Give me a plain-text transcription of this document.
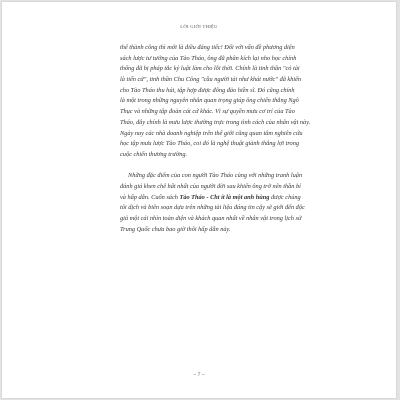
LỜI GIỚI THIỆU
thể thành công thì mới là điều đáng tiếc! Đối với vấn đề phương diện
sách lược tư tưởng của Tào Tháo, ông đã phân kích lại nho học chính
thống đã bị pháp tắc kỷ luật làm cho lỗi thời. Chính là tinh thần "có tài
là tiến cử", tinh thần Chu Công "cầu người tài như khát nước" đã khiến
cho Tào Tháo thu hút, tập hợp được đông đảo hiền sĩ. Đó cũng chính
là một trong những nguyên nhân quan trọng giúp ông chiến thắng Ngô
Thục và những tập đoàn cát cứ khác. Vì sự quyền mưu cơ trí của Tào
Tháo, đây chính là mưu lược thường trực trong tình cách của nhân vật này.
Ngày nay các nhà doanh nghiệp trên thế giới cũng quan tâm nghiên cứu
học tập mưu lược Tào Tháo, coi đó là nghệ thuật giành thắng lợi trong
cuộc chiến thương trường.
Những đặc điểm của con người Tào Tháo cùng với những tranh luận
đánh giá khen chê bất nhất của người đời sau khiến ông trở nên thần bí
và hấp dẫn. Cuốn sách Tào Tháo - Chỉ ít là một anh hùng được chúng
tôi dịch và biên soạn dựa trên những tài liệu đáng tin cậy sẽ giới đến độc
giả một cái nhìn toàn diện và khách quan nhất về nhân vật trong lịch sử
Trung Quốc chưa bao giờ thôi hấp dẫn này.
~ 7 ~
